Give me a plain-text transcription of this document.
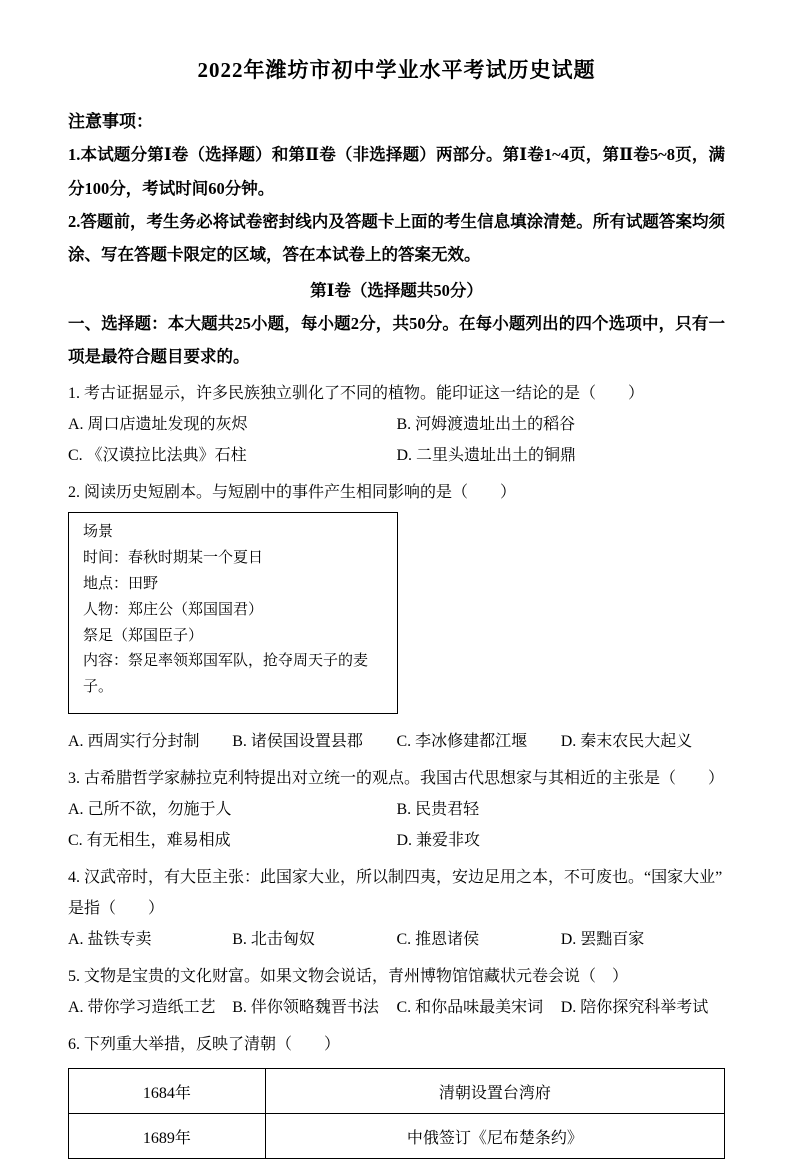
2022年潍坊市初中学业水平考试历史试题

注意事项：

1.本试题分第Ⅰ卷（选择题）和第Ⅱ卷（非选择题）两部分。第Ⅰ卷1~4页，第Ⅱ卷5~8页，满分100分，考试时间60分钟。

2.答题前，考生务必将试卷密封线内及答题卡上面的考生信息填涂清楚。所有试题答案均须涂、写在答题卡限定的区域，答在本试卷上的答案无效。

第Ⅰ卷（选择题共50分）

一、选择题：本大题共25小题，每小题2分，共50分。在每小题列出的四个选项中，只有一项是最符合题目要求的。

1. 考古证据显示，许多民族独立驯化了不同的植物。能印证这一结论的是（　　）

A. 周口店遗址发现的灰烬	B. 河姆渡遗址出土的稻谷
C. 《汉谟拉比法典》石柱	D. 二里头遗址出土的铜鼎

2. 阅读历史短剧本。与短剧中的事件产生相同影响的是（　　）

场景
时间：春秋时期某一个夏日
地点：田野
人物：郑庄公（郑国国君）
祭足（郑国臣子）
内容：祭足率领郑国军队，抢夺周天子的麦子。
A. 西周实行分封制	B. 诸侯国设置县郡	C. 李冰修建都江堰	D. 秦末农民大起义

3. 古希腊哲学家赫拉克利特提出对立统一的观点。我国古代思想家与其相近的主张是（　　）

A. 己所不欲，勿施于人	B. 民贵君轻
C. 有无相生，难易相成	D. 兼爱非攻

4. 汉武帝时，有大臣主张：此国家大业，所以制四夷，安边足用之本，不可废也。“国家大业”是指（　　）

A. 盐铁专卖	B. 北击匈奴	C. 推恩诸侯	D. 罢黜百家

5. 文物是宝贵的文化财富。如果文物会说话，青州博物馆馆藏状元卷会说（　）

A. 带你学习造纸工艺	B. 伴你领略魏晋书法	C. 和你品味最美宋词	D. 陪你探究科举考试

6. 下列重大举措，反映了清朝（　　）

1684年	清朝设置台湾府
1689年	中俄签订《尼布楚条约》
